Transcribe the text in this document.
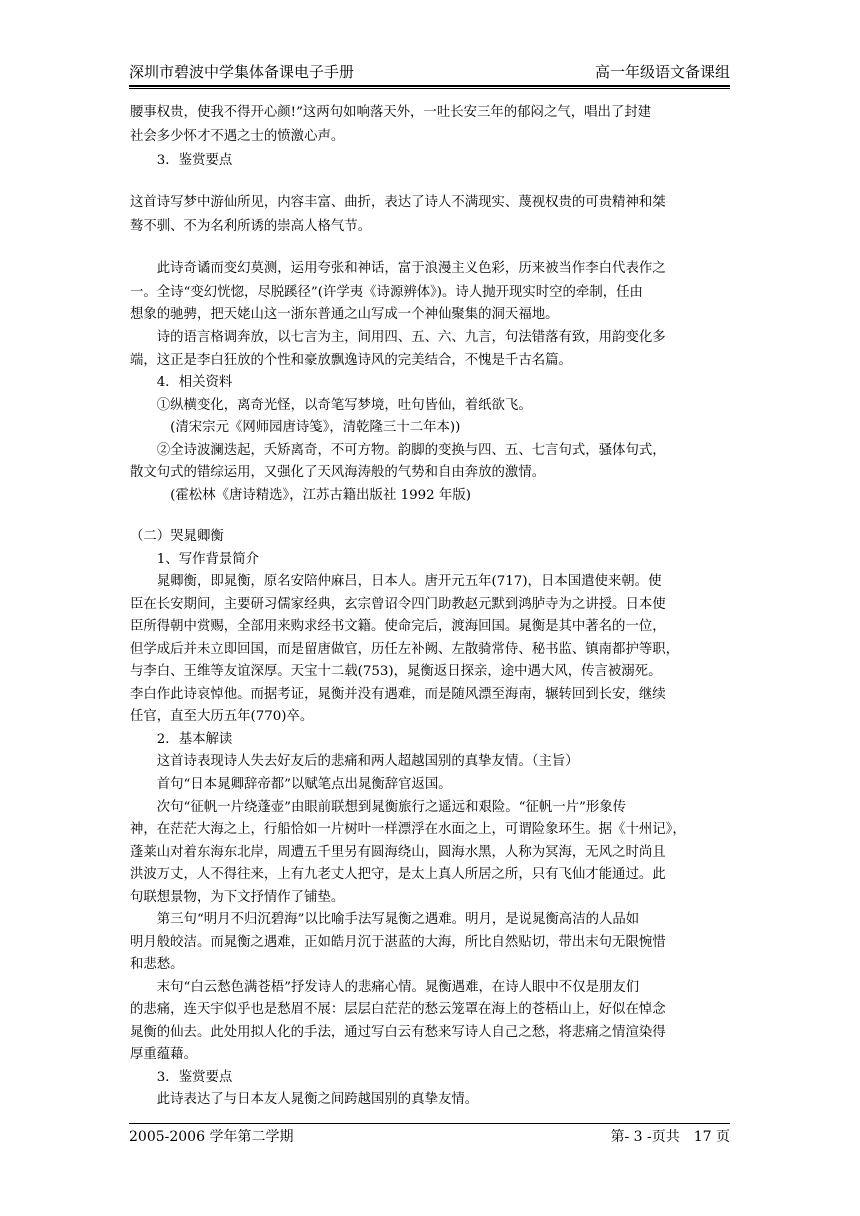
深圳市碧波中学集体备课电子手册	高一年级语文备课组
腰事权贵，使我不得开心颜!”这两句如响落天外，一吐长安三年的郁闷之气，唱出了封建
社会多少怀才不遇之士的愤激心声。
　　3．鉴赏要点
这首诗写梦中游仙所见，内容丰富、曲折，表达了诗人不满现实、蔑视权贵的可贵精神和桀
骜不驯、不为名利所诱的崇高人格气节。
　　此诗奇谲而变幻莫测，运用夸张和神话，富于浪漫主义色彩，历来被当作李白代表作之
一。全诗“变幻恍惚，尽脱蹊径”(许学夷《诗源辨体》)。诗人抛开现实时空的牵制，任由
想象的驰骋，把天姥山这一浙东普通之山写成一个神仙聚集的洞天福地。
　　诗的语言格调奔放，以七言为主，间用四、五、六、九言，句法错落有致，用韵变化多
端，这正是李白狂放的个性和豪放飘逸诗风的完美结合，不愧是千古名篇。
　　4．相关资料
　　①纵横变化，离奇光怪，以奇笔写梦境，吐句皆仙，着纸欲飞。
　　　(清宋宗元《网师园唐诗笺》，清乾隆三十二年本))
　　②全诗波澜迭起，夭矫离奇，不可方物。韵脚的变换与四、五、七言句式，骚体句式，
散文句式的错综运用，又强化了天风海涛般的气势和自由奔放的激情。
　　　(霍松林《唐诗精选》，江苏古籍出版社 1992 年版)
（二）哭晁卿衡
　　1、写作背景简介
　　晁卿衡，即晁衡，原名安陪仲麻吕，日本人。唐开元五年(717)，日本国遣使来朝。使
臣在长安期间，主要研习儒家经典，玄宗曾诏令四门助教赵元默到鸿胪寺为之讲授。日本使
臣所得朝中赏赐，全部用来购求经书文籍。使命完后，渡海回国。晁衡是其中著名的一位，
但学成后并未立即回国，而是留唐做官，历任左补阙、左散骑常侍、秘书监、镇南都护等职，
与李白、王维等友谊深厚。天宝十二载(753)，晁衡返日探亲，途中遇大风，传言被溺死。
李白作此诗哀悼他。而据考证，晁衡并没有遇难，而是随风漂至海南，辗转回到长安，继续
任官，直至大历五年(770)卒。
　　2．基本解读
　　这首诗表现诗人失去好友后的悲痛和两人超越国别的真挚友情。（主旨）
　　首句“日本晁卿辞帝都”以赋笔点出晁衡辞官返国。
　　次句“征帆一片绕蓬壶”由眼前联想到晁衡旅行之遥远和艰险。“征帆一片”形象传
神，在茫茫大海之上，行船恰如一片树叶一样漂浮在水面之上，可谓险象环生。据《十州记》，
蓬莱山对着东海东北岸，周遭五千里另有圆海绕山，圆海水黑，人称为冥海，无风之时尚且
洪波万丈，人不得往来，上有九老丈人把守，是太上真人所居之所，只有飞仙才能通过。此
句联想景物，为下文抒情作了铺垫。
　　第三句“明月不归沉碧海”以比喻手法写晁衡之遇难。明月，是说晁衡高洁的人品如
明月般皎洁。而晁衡之遇难，正如皓月沉于湛蓝的大海，所比自然贴切，带出末句无限惋惜
和悲愁。
　　末句“白云愁色满苍梧”抒发诗人的悲痛心情。晁衡遇难，在诗人眼中不仅是朋友们
的悲痛，连天宇似乎也是愁眉不展：层层白茫茫的愁云笼罩在海上的苍梧山上，好似在悼念
晁衡的仙去。此处用拟人化的手法，通过写白云有愁来写诗人自己之愁，将悲痛之情渲染得
厚重蕴藉。
　　3．鉴赏要点
　　此诗表达了与日本友人晁衡之间跨越国别的真挚友情。
2005-2006 学年第二学期	第- 3 -页共　17 页
